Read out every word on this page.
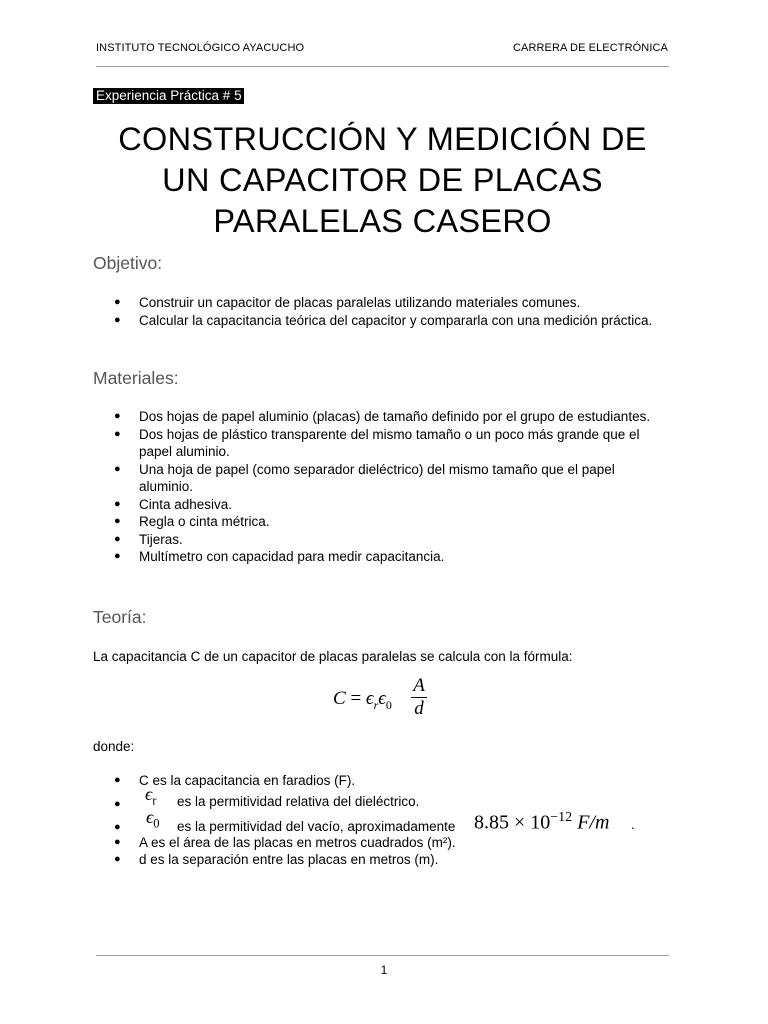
INSTITUTO TECNOLÓGICO AYACUCHO	CARRERA DE ELECTRÓNICA
Experiencia Práctica # 5
CONSTRUCCIÓN Y MEDICIÓN DE UN CAPACITOR DE PLACAS PARALELAS CASERO
Objetivo:
● Construir un capacitor de placas paralelas utilizando materiales comunes.
● Calcular la capacitancia teórica del capacitor y compararla con una medición práctica.
Materiales:
● Dos hojas de papel aluminio (placas) de tamaño definido por el grupo de estudiantes.
● Dos hojas de plástico transparente del mismo tamaño o un poco más grande que el papel aluminio.
● Una hoja de papel (como separador dieléctrico) del mismo tamaño que el papel aluminio.
● Cinta adhesiva.
● Regla o cinta métrica.
● Tijeras.
● Multímetro con capacidad para medir capacitancia.
Teoría:
La capacitancia C de un capacitor de placas paralelas se calcula con la fórmula:
$C = \epsilon_r\epsilon_0$
A
d
donde:
● C es la capacitancia en faradios (F).
● $\epsilon_r$ es la permitividad relativa del dieléctrico.
● $\epsilon_0$ es la permitividad del vacío, aproximadamente $8.85 \times 10^{-12}$ F/m .
● A es el área de las placas en metros cuadrados (m²).
● d es la separación entre las placas en metros (m).
1
